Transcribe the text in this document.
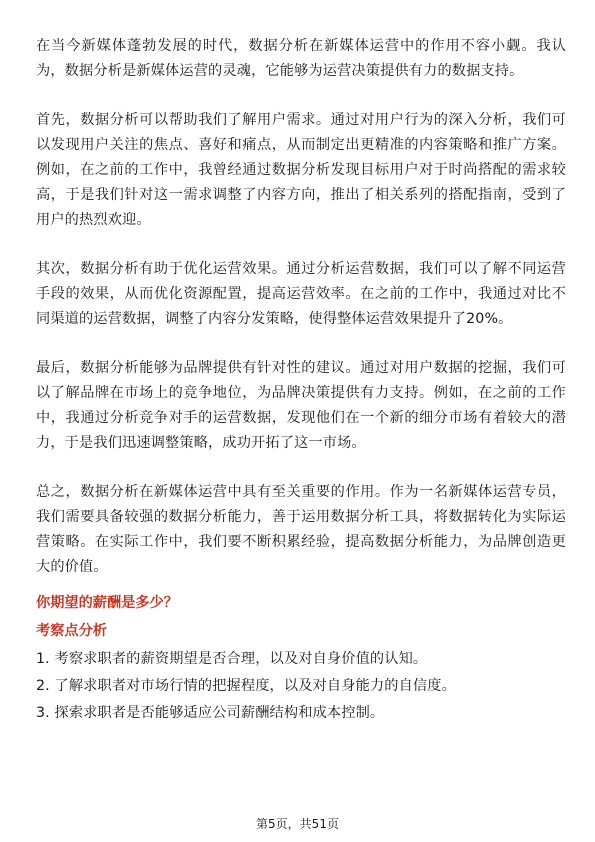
在当今新媒体蓬勃发展的时代，数据分析在新媒体运营中的作用不容小觑。我认为，数据分析是新媒体运营的灵魂，它能够为运营决策提供有力的数据支持。

首先，数据分析可以帮助我们了解用户需求。通过对用户行为的深入分析，我们可以发现用户关注的焦点、喜好和痛点，从而制定出更精准的内容策略和推广方案。例如，在之前的工作中，我曾经通过数据分析发现目标用户对于时尚搭配的需求较高，于是我们针对这一需求调整了内容方向，推出了相关系列的搭配指南，受到了用户的热烈欢迎。

其次，数据分析有助于优化运营效果。通过分析运营数据，我们可以了解不同运营手段的效果，从而优化资源配置，提高运营效率。在之前的工作中，我通过对比不同渠道的运营数据，调整了内容分发策略，使得整体运营效果提升了20%。

最后，数据分析能够为品牌提供有针对性的建议。通过对用户数据的挖掘，我们可以了解品牌在市场上的竞争地位，为品牌决策提供有力支持。例如，在之前的工作中，我通过分析竞争对手的运营数据，发现他们在一个新的细分市场有着较大的潜力，于是我们迅速调整策略，成功开拓了这一市场。

总之，数据分析在新媒体运营中具有至关重要的作用。作为一名新媒体运营专员，我们需要具备较强的数据分析能力，善于运用数据分析工具，将数据转化为实际运营策略。在实际工作中，我们要不断积累经验，提高数据分析能力，为品牌创造更大的价值。

你期望的薪酬是多少？
考察点分析

1. 考察求职者的薪资期望是否合理，以及对自身价值的认知。

2. 了解求职者对市场行情的把握程度，以及对自身能力的自信度。

3. 探索求职者是否能够适应公司薪酬结构和成本控制。

第5页，共51页
